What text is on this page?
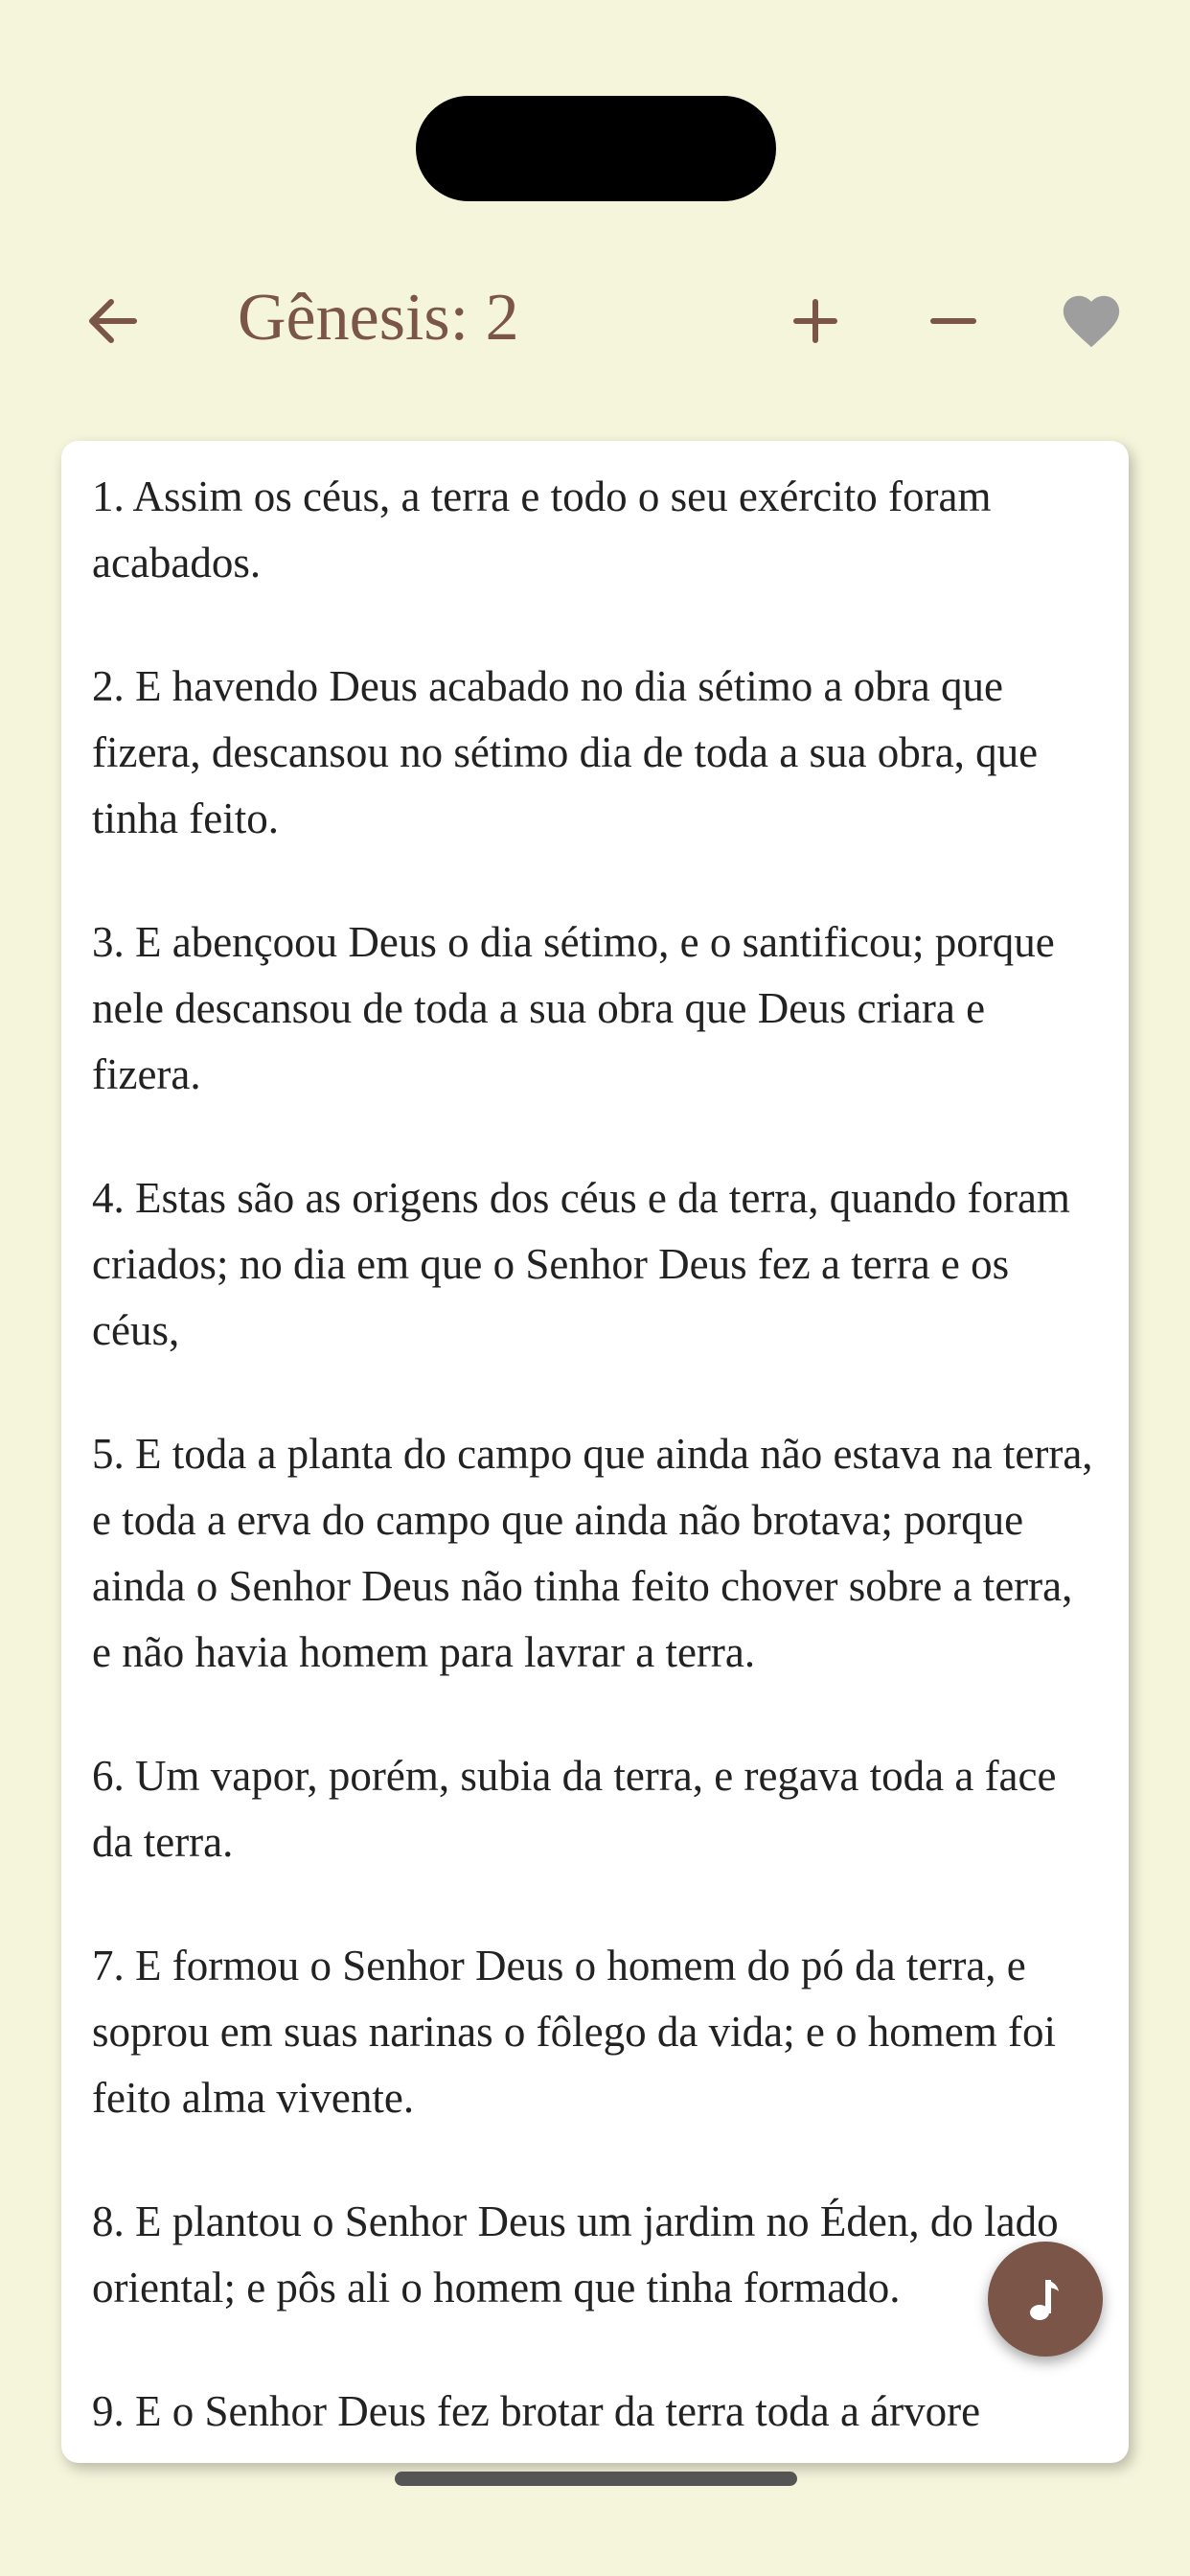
Gênesis: 2

1. Assim os céus, a terra e todo o seu exército foram acabados.

2. E havendo Deus acabado no dia sétimo a obra que fizera, descansou no sétimo dia de toda a sua obra, que tinha feito.

3. E abençoou Deus o dia sétimo, e o santificou; porque nele descansou de toda a sua obra que Deus criara e fizera.

4. Estas são as origens dos céus e da terra, quando foram criados; no dia em que o Senhor Deus fez a terra e os céus,

5. E toda a planta do campo que ainda não estava na terra, e toda a erva do campo que ainda não brotava; porque ainda o Senhor Deus não tinha feito chover sobre a terra, e não havia homem para lavrar a terra.

6. Um vapor, porém, subia da terra, e regava toda a face da terra.

7. E formou o Senhor Deus o homem do pó da terra, e soprou em suas narinas o fôlego da vida; e o homem foi feito alma vivente.

8. E plantou o Senhor Deus um jardim no Éden, do lado oriental; e pôs ali o homem que tinha formado.

9. E o Senhor Deus fez brotar da terra toda a árvore
